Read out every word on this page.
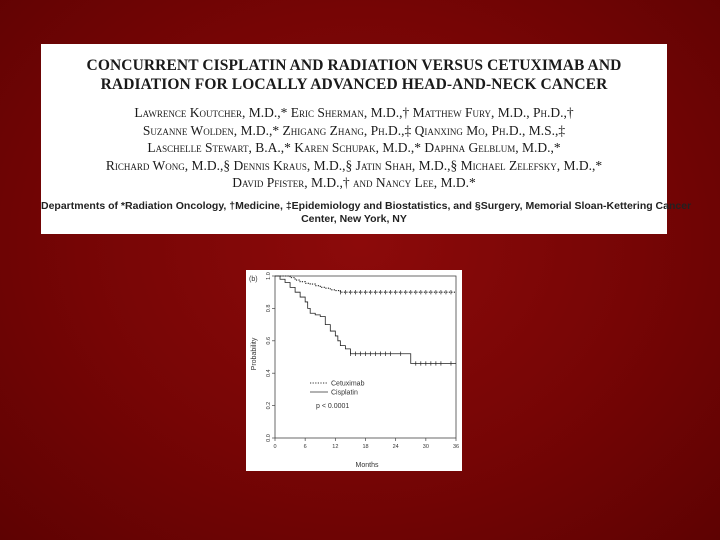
CONCURRENT CISPLATIN AND RADIATION VERSUS CETUXIMAB AND
RADIATION FOR LOCALLY ADVANCED HEAD-AND-NECK CANCER
Lawrence Koutcher, M.D.,* Eric Sherman, M.D.,† Matthew Fury, M.D., Ph.D.,†
Suzanne Wolden, M.D.,* Zhigang Zhang, Ph.D.,‡ Qianxing Mo, Ph.D., M.S.,‡
Laschelle Stewart, B.A.,* Karen Schupak, M.D.,* Daphna Gelblum, M.D.,*
Richard Wong, M.D.,§ Dennis Kraus, M.D.,§ Jatin Shah, M.D.,§ Michael Zelefsky, M.D.,*
David Pfister, M.D.,† and Nancy Lee, M.D.*
Departments of *Radiation Oncology, †Medicine, ‡Epidemiology and Biostatistics, and §Surgery, Memorial Sloan-Kettering Cancer
Center, New York, NY
(b)
Months
Probability
0	6	12	18	24	30	36
0.0
0.2
0.4
0.6
0.8
1.0
Cetuximab
Cisplatin
p < 0.0001
